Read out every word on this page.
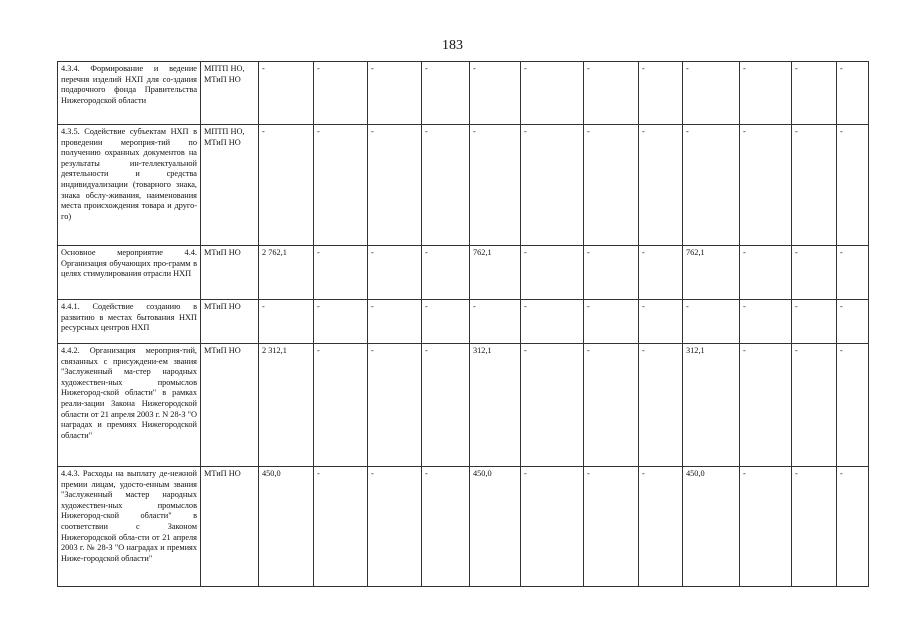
183
4.3.4. Формирование и ведение перечня изделий НХП для со-здания подарочного фонда Правительства Нижегородской области	МПТП НО, МТиП НО	-	-	-	-	-	-	-	-	-	-	-	-
4.3.5. Содействие субъектам НХП в проведении мероприя-тий по получению охранных документов на результаты ин-теллектуальной деятельности и средства индивидуализации (товарного знака, знака обслу-живания, наименования места происхождения товара и друго-го)	МПТП НО, МТиП НО	-	-	-	-	-	-	-	-	-	-	-	-
Основное мероприятие 4.4. Организация обучающих про-грамм в целях стимулирования отрасли НХП	МТиП НО	2 762,1	-	-	-	762,1	-	-	-	762,1	-	-	-
4.4.1. Содействие созданию в развитию в местах бытования НХП ресурсных центров НХП	МТиП НО	-	-	-	-	-	-	-	-	-	-	-	-
4.4.2. Организация мероприя-тий, связанных с присуждени-ем звания "Заслуженный ма-стер народных художествен-ных промыслов Нижегород-ской области" в рамках реали-зации Закона Нижегородской области от 21 апреля 2003 г. N 28-З "О наградах и премиях Нижегородской области"	МТиП НО	2 312,1	-	-	-	312,1	-	-	-	312,1	-	-	-
4.4.3. Расходы на выплату де-нежной премии лицам, удосто-енным звания "Заслуженный мастер народных художествен-ных промыслов Нижегород-ской области" в соответствии с Законом Нижегородской обла-сти от 21 апреля 2003 г. № 28-З "О наградах и премиях Ниже-городской области"	МТиП НО	450,0	-	-	-	450,0	-	-	-	450,0	-	-	-
